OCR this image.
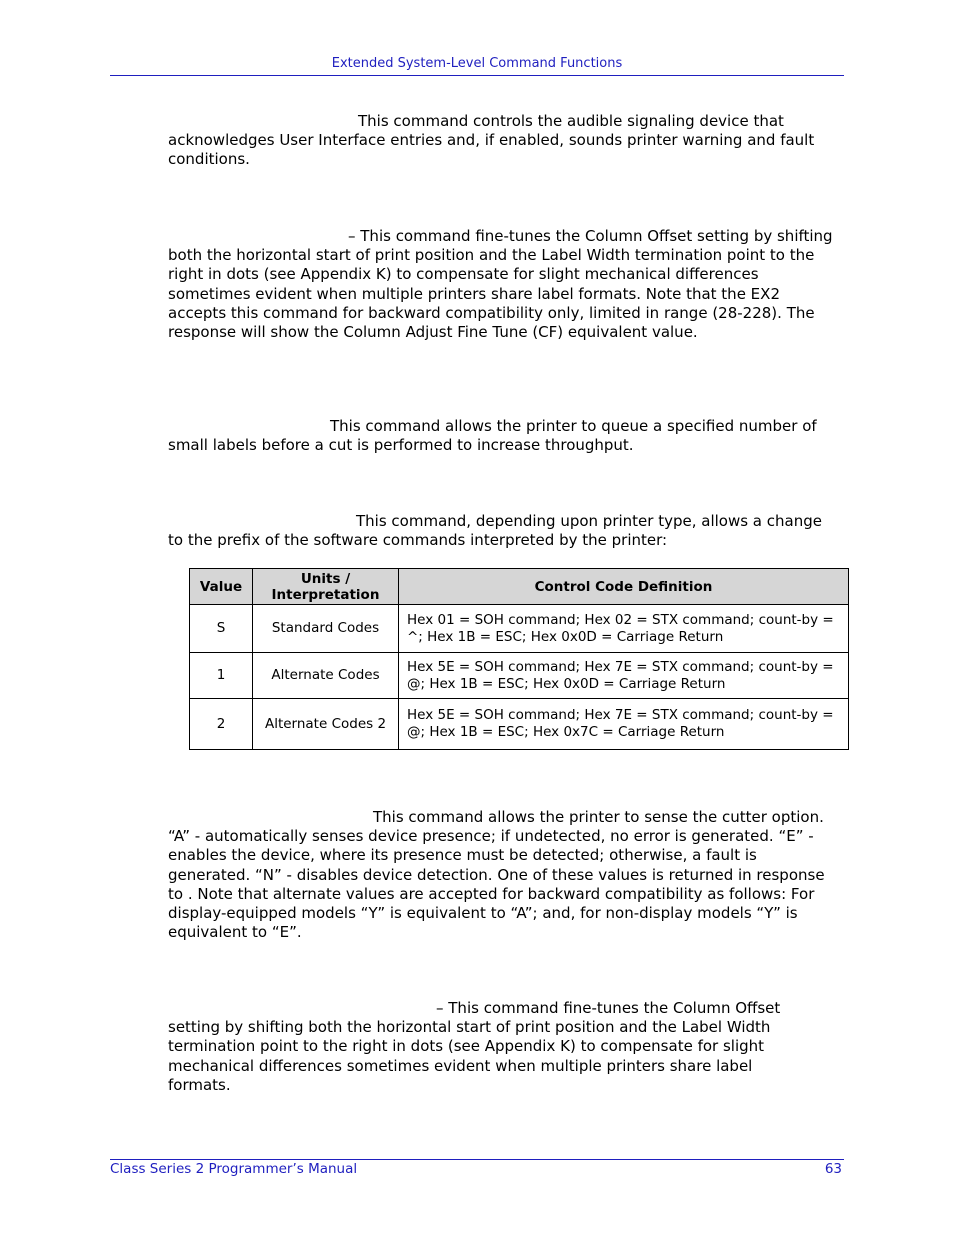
Extended System-Level Command Functions

This command controls the audible signaling device that acknowledges User Interface entries and, if enabled, sounds printer warning and fault conditions.

– This command fine-tunes the Column Offset setting by shifting both the horizontal start of print position and the Label Width termination point to the right in dots (see Appendix K) to compensate for slight mechanical differences sometimes evident when multiple printers share label formats. Note that the EX2 accepts this command for backward compatibility only, limited in range (28-228). The response will show the Column Adjust Fine Tune (CF) equivalent value.

This command allows the printer to queue a specified number of small labels before a cut is performed to increase throughput.

This command, depending upon printer type, allows a change to the prefix of the software commands interpreted by the printer:

Value	Units / Interpretation	Control Code Definition
S	Standard Codes	Hex 01 = SOH command; Hex 02 = STX command; count-by = ^; Hex 1B = ESC; Hex 0x0D = Carriage Return
1	Alternate Codes	Hex 5E = SOH command; Hex 7E = STX command; count-by = @; Hex 1B = ESC; Hex 0x0D = Carriage Return
2	Alternate Codes 2	Hex 5E = SOH command; Hex 7E = STX command; count-by = @; Hex 1B = ESC; Hex 0x7C = Carriage Return

This command allows the printer to sense the cutter option. “A” - automatically senses device presence; if undetected, no error is generated. “E” - enables the device, where its presence must be detected; otherwise, a fault is generated. “N” - disables device detection. One of these values is returned in response to . Note that alternate values are accepted for backward compatibility as follows: For display-equipped models “Y” is equivalent to “A”; and, for non-display models “Y” is equivalent to “E”.

– This command fine-tunes the Column Offset setting by shifting both the horizontal start of print position and the Label Width termination point to the right in dots (see Appendix K) to compensate for slight mechanical differences sometimes evident when multiple printers share label formats.

Class Series 2 Programmer’s Manual	63
